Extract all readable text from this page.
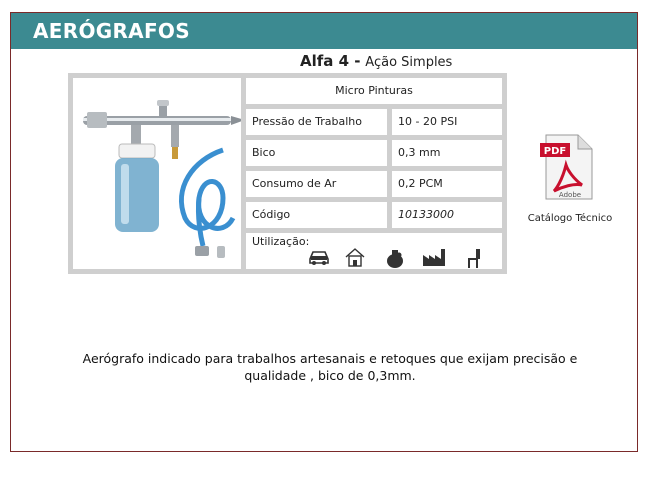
AERÓGRAFOS
Alfa 4 - Ação Simples
Micro Pinturas
Pressão de Trabalho	10 - 20 PSI
Bico	0,3 mm
Consumo de Ar	0,2 PCM
Código	10133000
Utilização:
PDF
Adobe
Catálogo Técnico
Aerógrafo indicado para trabalhos artesanais e retoques que exijam precisão e qualidade , bico de 0,3mm.
